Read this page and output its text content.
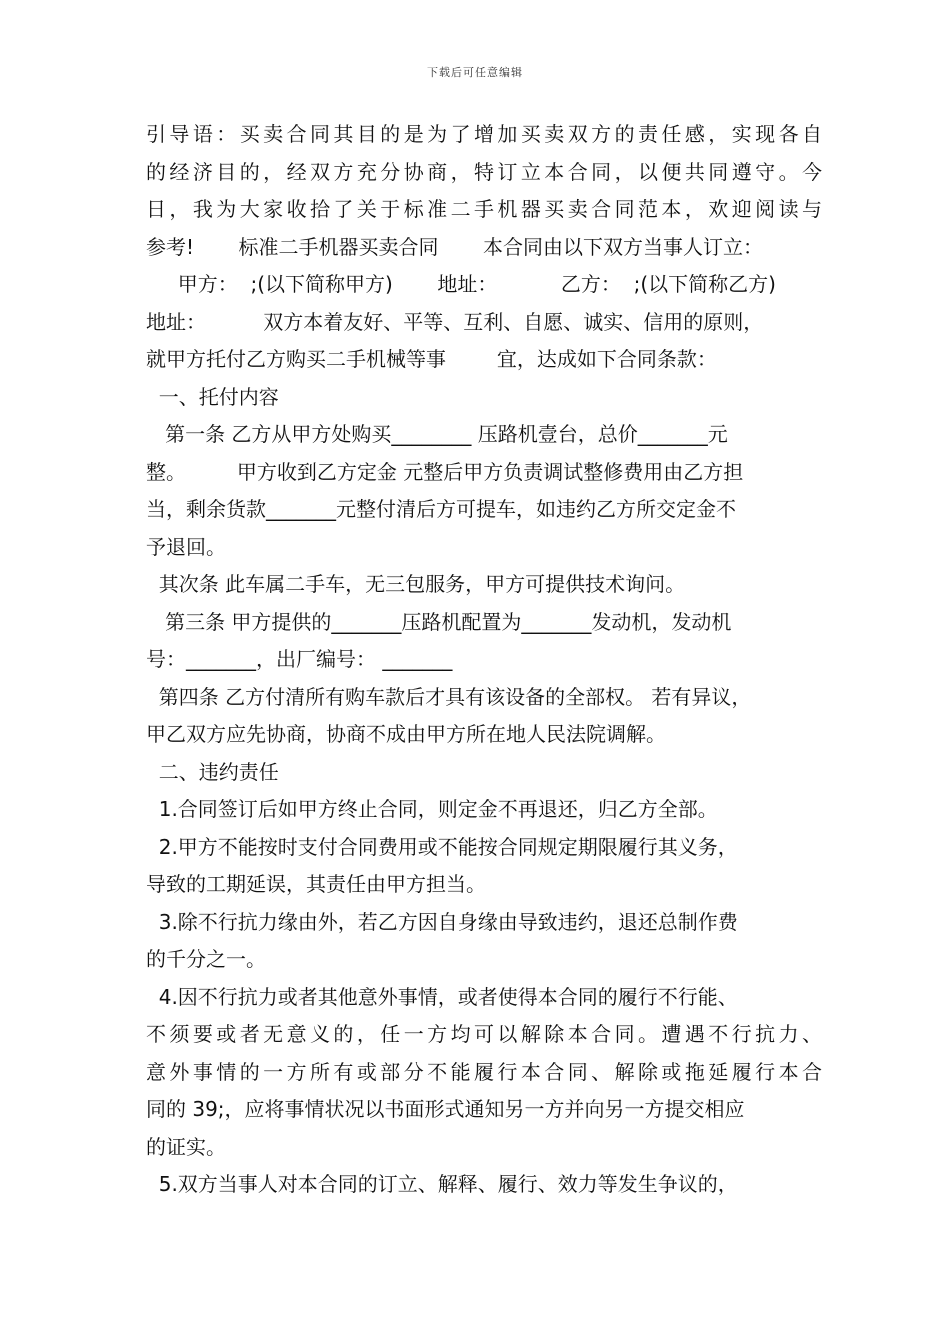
下载后可任意编辑
引导语：买卖合同其目的是为了增加买卖双方的责任感，实现各自
的经济目的，经双方充分协商，特订立本合同，以便共同遵守。今
日，我为大家收拾了关于标准二手机器买卖合同范本，欢迎阅读与
参考!       标准二手机器买卖合同       本合同由以下双方当事人订立：
甲方：  ;(以下简称甲方)       地址：          乙方：  ;(以下简称乙方)
地址：         双方本着友好、平等、互利、自愿、诚实、信用的原则，
就甲方托付乙方购买二手机械等事        宜，达成如下合同条款：
一、托付内容
第一条 乙方从甲方处购买________ 压路机壹台，总价_______元
整。        甲方收到乙方定金 元整后甲方负责调试整修费用由乙方担
当，剩余货款_______元整付清后方可提车，如违约乙方所交定金不
予退回。
其次条 此车属二手车，无三包服务，甲方可提供技术询问。
第三条 甲方提供的_______压路机配置为_______发动机，发动机
号：_______，出厂编号： _______
第四条 乙方付清所有购车款后才具有该设备的全部权。 若有异议，
甲乙双方应先协商，协商不成由甲方所在地人民法院调解。
二、违约责任
1.合同签订后如甲方终止合同，则定金不再退还，归乙方全部。
2.甲方不能按时支付合同费用或不能按合同规定期限履行其义务，
导致的工期延误，其责任由甲方担当。
3.除不行抗力缘由外，若乙方因自身缘由导致违约，退还总制作费
的千分之一。
4.因不行抗力或者其他意外事情，或者使得本合同的履行不行能、
不须要或者无意义的，任一方均可以解除本合同。遭遇不行抗力、
意外事情的一方所有或部分不能履行本合同、解除或拖延履行本合
同的 39;，应将事情状况以书面形式通知另一方并向另一方提交相应
的证实。
5.双方当事人对本合同的订立、解释、履行、效力等发生争议的，
